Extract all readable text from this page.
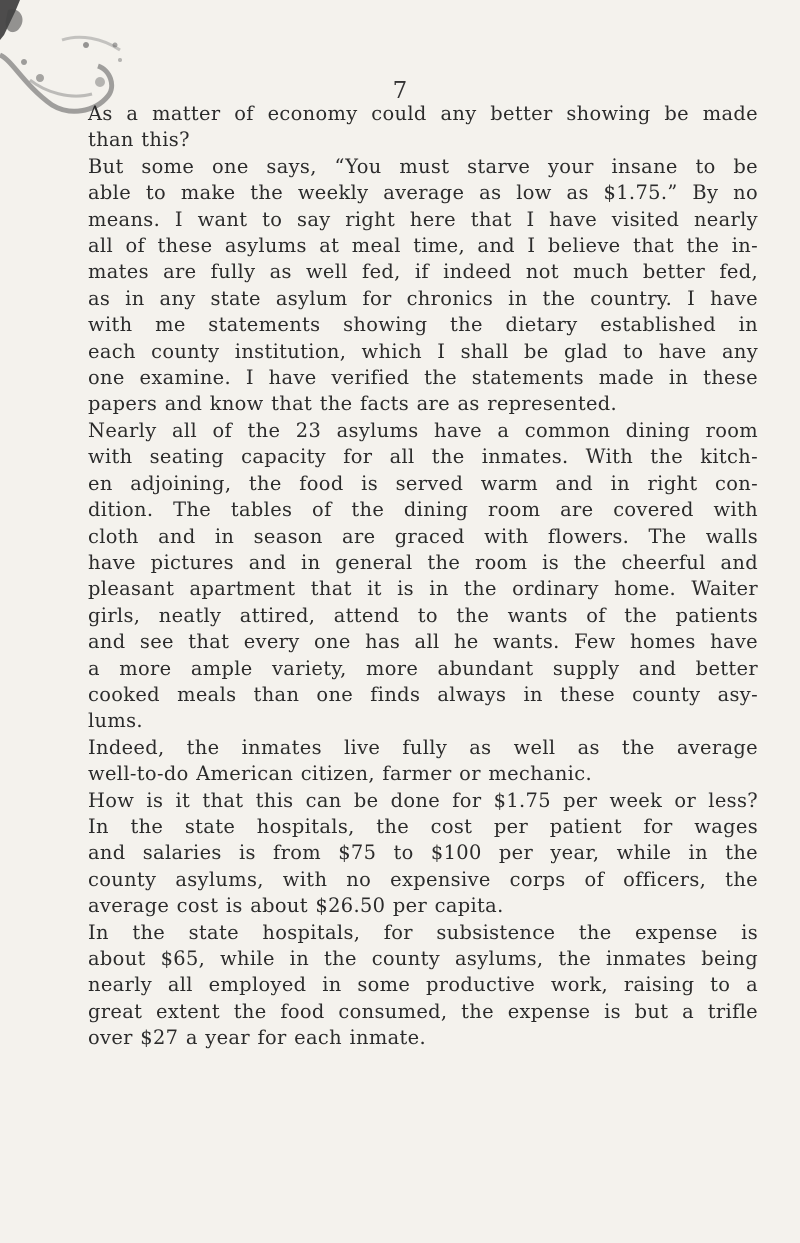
7
As a matter of economy could any better showing be made
than this?
But some one says, “You must starve your insane to be
able to make the weekly average as low as $1.75.” By no
means. I want to say right here that I have visited nearly
all of these asylums at meal time, and I believe that the in-
mates are fully as well fed, if indeed not much better fed,
as in any state asylum for chronics in the country. I have
with me statements showing the dietary established in
each county institution, which I shall be glad to have any
one examine. I have verified the statements made in these
papers and know that the facts are as represented.
Nearly all of the 23 asylums have a common dining room
with seating capacity for all the inmates. With the kitch-
en adjoining, the food is served warm and in right con-
dition. The tables of the dining room are covered with
cloth and in season are graced with flowers. The walls
have pictures and in general the room is the cheerful and
pleasant apartment that it is in the ordinary home. Waiter
girls, neatly attired, attend to the wants of the patients
and see that every one has all he wants. Few homes have
a more ample variety, more abundant supply and better
cooked meals than one finds always in these county asy-
lums.
Indeed, the inmates live fully as well as the average
well-to-do American citizen, farmer or mechanic.
How is it that this can be done for $1.75 per week or less?
In the state hospitals, the cost per patient for wages
and salaries is from $75 to $100 per year, while in the
county asylums, with no expensive corps of officers, the
average cost is about $26.50 per capita.
In the state hospitals, for subsistence the expense is
about $65, while in the county asylums, the inmates being
nearly all employed in some productive work, raising to a
great extent the food consumed, the expense is but a trifle
over $27 a year for each inmate.
